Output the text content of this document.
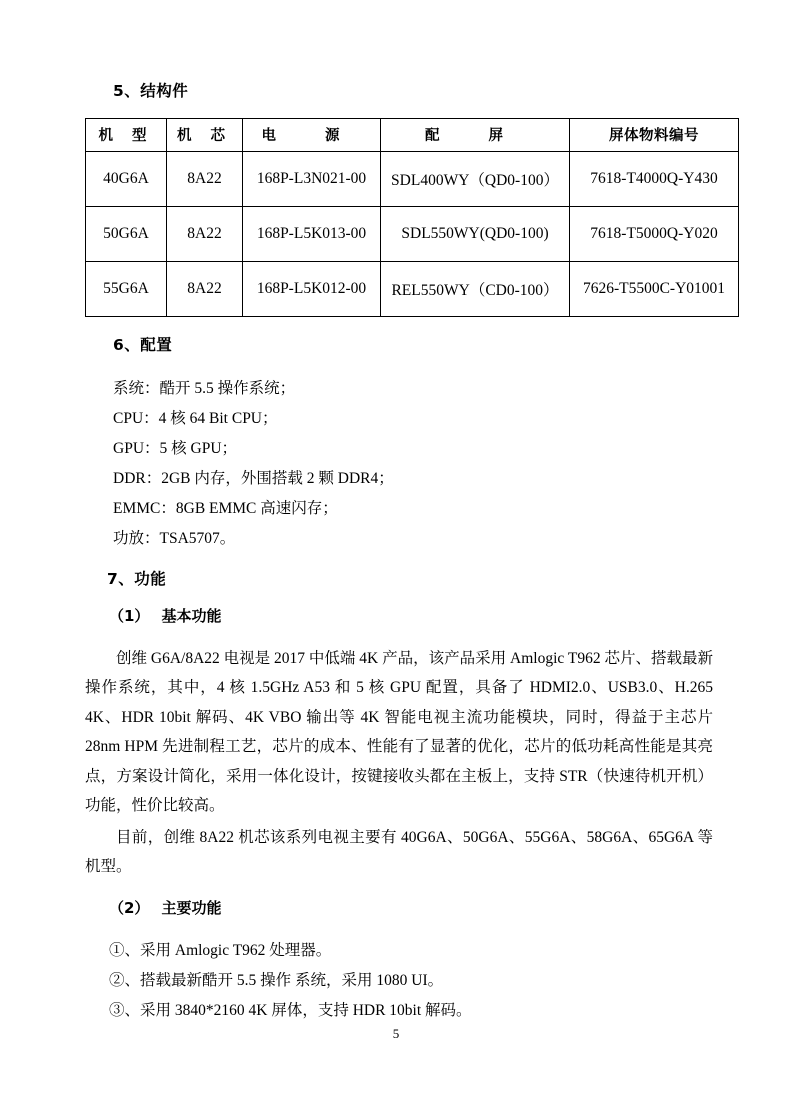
5、结构件
机 型	机 芯	电 源	配 屏	屏体物料编号
40G6A	8A22	168P-L3N021-00	SDL400WY（QD0-100）	7618-T4000Q-Y430
50G6A	8A22	168P-L5K013-00	SDL550WY(QD0-100)	7618-T5000Q-Y020
55G6A	8A22	168P-L5K012-00	REL550WY（CD0-100）	7626-T5500C-Y01001
6、配置
系统：酷开 5.5 操作系统；
CPU：4 核 64 Bit CPU；
GPU：5 核 GPU；
DDR：2GB 内存，外围搭载 2 颗 DDR4；
EMMC：8GB EMMC 高速闪存；
功放：TSA5707。
7、功能
（1） 基本功能

创维 G6A/8A22 电视是 2017 中低端 4K 产品，该产品采用 Amlogic T962 芯片、搭载最新操作系统，其中，4 核 1.5GHz A53 和 5 核 GPU 配置，具备了 HDMI2.0、USB3.0、H.265 4K、HDR 10bit 解码、4K VBO 输出等 4K 智能电视主流功能模块，同时，得益于主芯片 28nm HPM 先进制程工艺，芯片的成本、性能有了显著的优化，芯片的低功耗高性能是其亮点，方案设计简化，采用一体化设计，按键接收头都在主板上，支持 STR（快速待机开机）功能，性价比较高。

目前，创维 8A22 机芯该系列电视主要有 40G6A、50G6A、55G6A、58G6A、65G6A 等机型。

（2） 主要功能
①、采用 Amlogic T962 处理器。
②、搭载最新酷开 5.5 操作 系统，采用 1080 UI。
③、采用 3840*2160 4K 屏体，支持 HDR 10bit 解码。
5
